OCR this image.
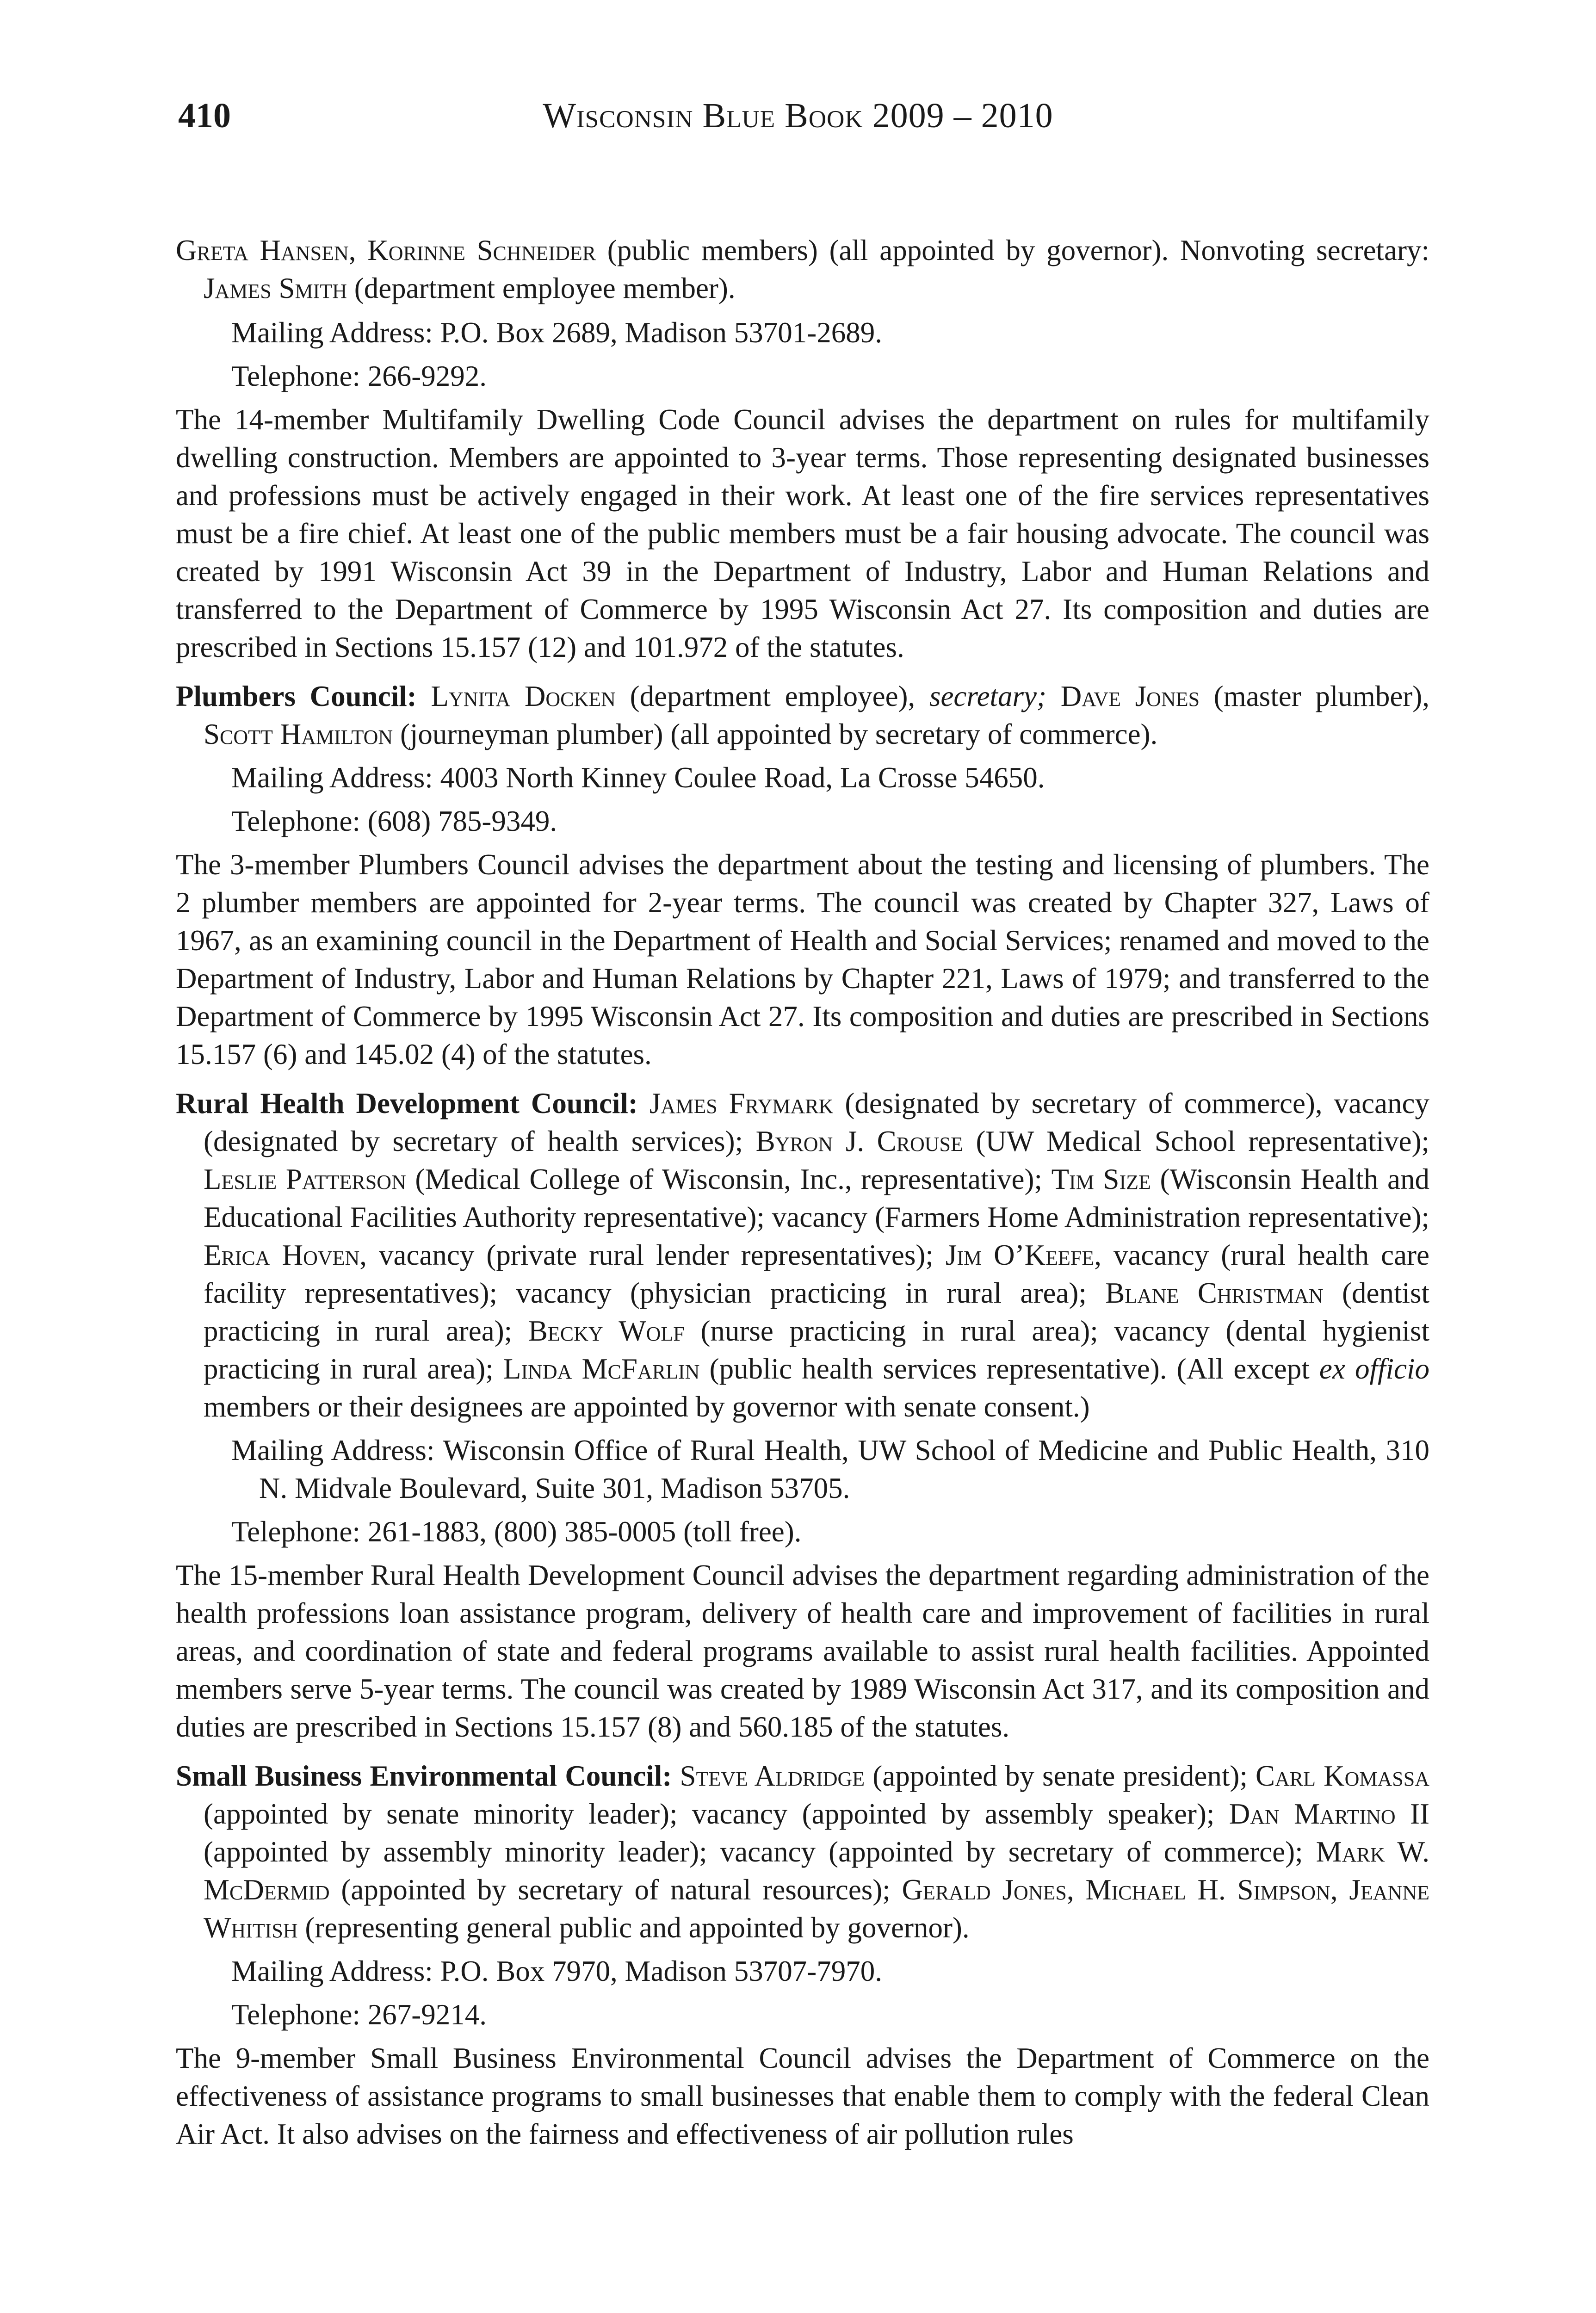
410	Wisconsin Blue Book 2009 – 2010

Greta Hansen, Korinne Schneider (public members) (all appointed by governor). Nonvoting secretary: James Smith (department employee member).

Mailing Address: P.O. Box 2689, Madison 53701-2689.

Telephone: 266-9292.

The 14-member Multifamily Dwelling Code Council advises the department on rules for multifamily dwelling construction. Members are appointed to 3-year terms. Those representing designated businesses and professions must be actively engaged in their work. At least one of the fire services representatives must be a fire chief. At least one of the public members must be a fair housing advocate. The council was created by 1991 Wisconsin Act 39 in the Department of Industry, Labor and Human Relations and transferred to the Department of Commerce by 1995 Wisconsin Act 27. Its composition and duties are prescribed in Sections 15.157 (12) and 101.972 of the statutes.

Plumbers Council: Lynita Docken (department employee), secretary; Dave Jones (master plumber), Scott Hamilton (journeyman plumber) (all appointed by secretary of commerce).

Mailing Address: 4003 North Kinney Coulee Road, La Crosse 54650.

Telephone: (608) 785-9349.

The 3-member Plumbers Council advises the department about the testing and licensing of plumbers. The 2 plumber members are appointed for 2-year terms. The council was created by Chapter 327, Laws of 1967, as an examining council in the Department of Health and Social Services; renamed and moved to the Department of Industry, Labor and Human Relations by Chapter 221, Laws of 1979; and transferred to the Department of Commerce by 1995 Wisconsin Act 27. Its composition and duties are prescribed in Sections 15.157 (6) and 145.02 (4) of the statutes.

Rural Health Development Council: James Frymark (designated by secretary of commerce), vacancy (designated by secretary of health services); Byron J. Crouse (UW Medical School representative); Leslie Patterson (Medical College of Wisconsin, Inc., representative); Tim Size (Wisconsin Health and Educational Facilities Authority representative); vacancy (Farmers Home Administration representative); Erica Hoven, vacancy (private rural lender representatives); Jim O’Keefe, vacancy (rural health care facility representatives); vacancy (physician practicing in rural area); Blane Christman (dentist practicing in rural area); Becky Wolf (nurse practicing in rural area); vacancy (dental hygienist practicing in rural area); Linda McFarlin (public health services representative). (All except ex officio members or their designees are appointed by governor with senate consent.)

Mailing Address: Wisconsin Office of Rural Health, UW School of Medicine and Public Health, 310 N. Midvale Boulevard, Suite 301, Madison 53705.

Telephone: 261-1883, (800) 385-0005 (toll free).

The 15-member Rural Health Development Council advises the department regarding administration of the health professions loan assistance program, delivery of health care and improvement of facilities in rural areas, and coordination of state and federal programs available to assist rural health facilities. Appointed members serve 5-year terms. The council was created by 1989 Wisconsin Act 317, and its composition and duties are prescribed in Sections 15.157 (8) and 560.185 of the statutes.

Small Business Environmental Council: Steve Aldridge (appointed by senate president); Carl Komassa (appointed by senate minority leader); vacancy (appointed by assembly speaker); Dan Martino II (appointed by assembly minority leader); vacancy (appointed by secretary of commerce); Mark W. McDermid (appointed by secretary of natural resources); Gerald Jones, Michael H. Simpson, Jeanne Whitish (representing general public and appointed by governor).

Mailing Address: P.O. Box 7970, Madison 53707-7970.

Telephone: 267-9214.

The 9-member Small Business Environmental Council advises the Department of Commerce on the effectiveness of assistance programs to small businesses that enable them to comply with the federal Clean Air Act. It also advises on the fairness and effectiveness of air pollution rules
